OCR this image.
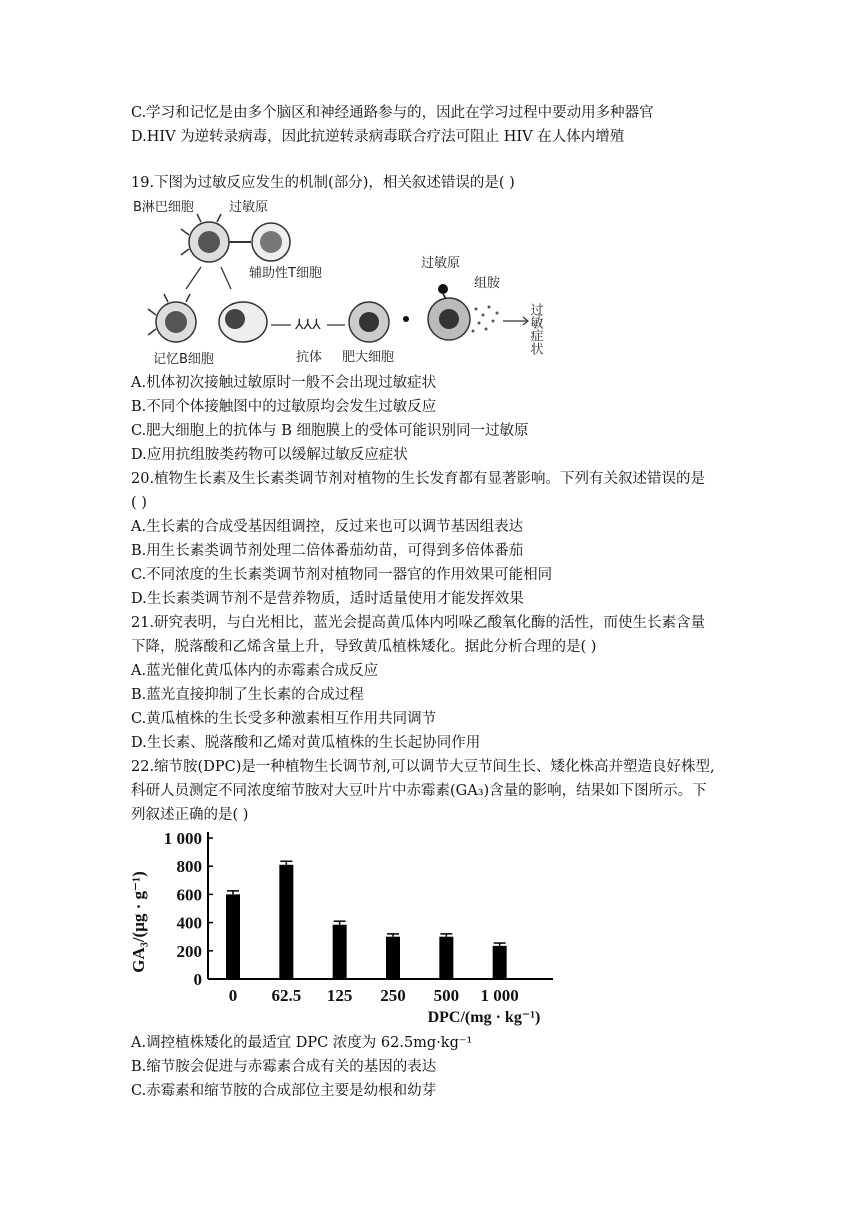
C.学习和记忆是由多个脑区和神经通路参与的，因此在学习过程中要动用多种器官
D.HIV 为逆转录病毒，因此抗逆转录病毒联合疗法可阻止 HIV 在人体内增殖
19.下图为过敏反应发生的机制(部分)，相关叙述错误的是( )
B淋巴细胞	过敏原
辅助性T细胞
过敏原
组胺
记忆B细胞	抗体 肥大细胞
过敏症状
⅄⅄⅄
A.机体初次接触过敏原时一般不会出现过敏症状
B.不同个体接触图中的过敏原均会发生过敏反应
C.肥大细胞上的抗体与 B 细胞膜上的受体可能识别同一过敏原
D.应用抗组胺类药物可以缓解过敏反应症状
20.植物生长素及生长素类调节剂对植物的生长发育都有显著影响。下列有关叙述错误的是
( )
A.生长素的合成受基因组调控，反过来也可以调节基因组表达
B.用生长素类调节剂处理二倍体番茄幼苗，可得到多倍体番茄
C.不同浓度的生长素类调节剂对植物同一器官的作用效果可能相同
D.生长素类调节剂不是营养物质，适时适量使用才能发挥效果
21.研究表明，与白光相比，蓝光会提高黄瓜体内吲哚乙酸氧化酶的活性，而使生长素含量
下降，脱落酸和乙烯含量上升，导致黄瓜植株矮化。据此分析合理的是( )
A.蓝光催化黄瓜体内的赤霉素合成反应
B.蓝光直接抑制了生长素的合成过程
C.黄瓜植株的生长受多种激素相互作用共同调节
D.生长素、脱落酸和乙烯对黄瓜植株的生长起协同作用
22.缩节胺(DPC)是一种植物生长调节剂,可以调节大豆节间生长、矮化株高并塑造良好株型,
科研人员测定不同浓度缩节胺对大豆叶片中赤霉素(GA₃)含量的影响，结果如下图所示。下
列叙述正确的是( )
GA₃/(μg · g⁻¹)
DPC/(mg · kg⁻¹)
0
200
400
600
800
1 000
0 62.5 125 250 500 1 000
A.调控植株矮化的最适宜 DPC 浓度为 62.5mg·kg⁻¹
B.缩节胺会促进与赤霉素合成有关的基因的表达
C.赤霉素和缩节胺的合成部位主要是幼根和幼芽
